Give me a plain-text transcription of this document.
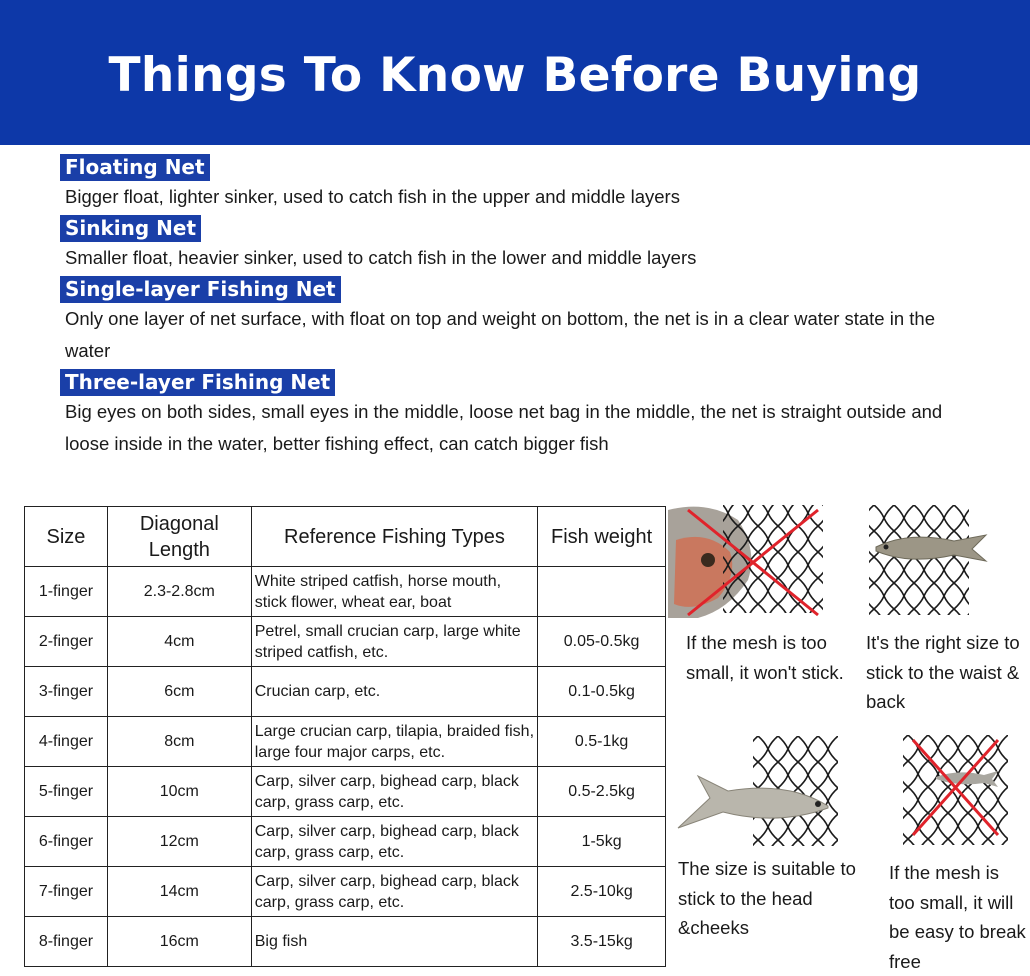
Things To Know Before Buying
Floating Net

Bigger float, lighter sinker, used to catch fish in the upper and middle layers

Sinking Net

Smaller float, heavier sinker, used to catch fish in the lower and middle layers

Single-layer Fishing Net

Only one layer of net surface, with float on top and weight on bottom, the net is in a clear water state in the water

Three-layer Fishing Net

Big eyes on both sides, small eyes in the middle, loose net bag in the middle, the net is straight outside and loose inside in the water, better fishing effect, can catch bigger fish

Size	Diagonal Length	Reference Fishing Types	Fish weight
1-finger	2.3-2.8cm	White striped catfish, horse mouth, stick flower, wheat ear, boat	
2-finger	4cm	Petrel, small crucian carp, large white striped catfish, etc.	0.05-0.5kg
3-finger	6cm	Crucian carp, etc.	0.1-0.5kg
4-finger	8cm	Large crucian carp, tilapia, braided fish, large four major carps, etc.	0.5-1kg
5-finger	10cm	Carp, silver carp, bighead carp, black carp, grass carp, etc.	0.5-2.5kg
6-finger	12cm	Carp, silver carp, bighead carp, black carp, grass carp, etc.	1-5kg
7-finger	14cm	Carp, silver carp, bighead carp, black carp, grass carp, etc.	2.5-10kg
8-finger	16cm	Big fish	3.5-15kg
If the mesh is too small, it won't stick.
It's the right size to stick to the waist & back
The size is suitable to stick to the head &cheeks
If the mesh is too small, it will be easy to break free
